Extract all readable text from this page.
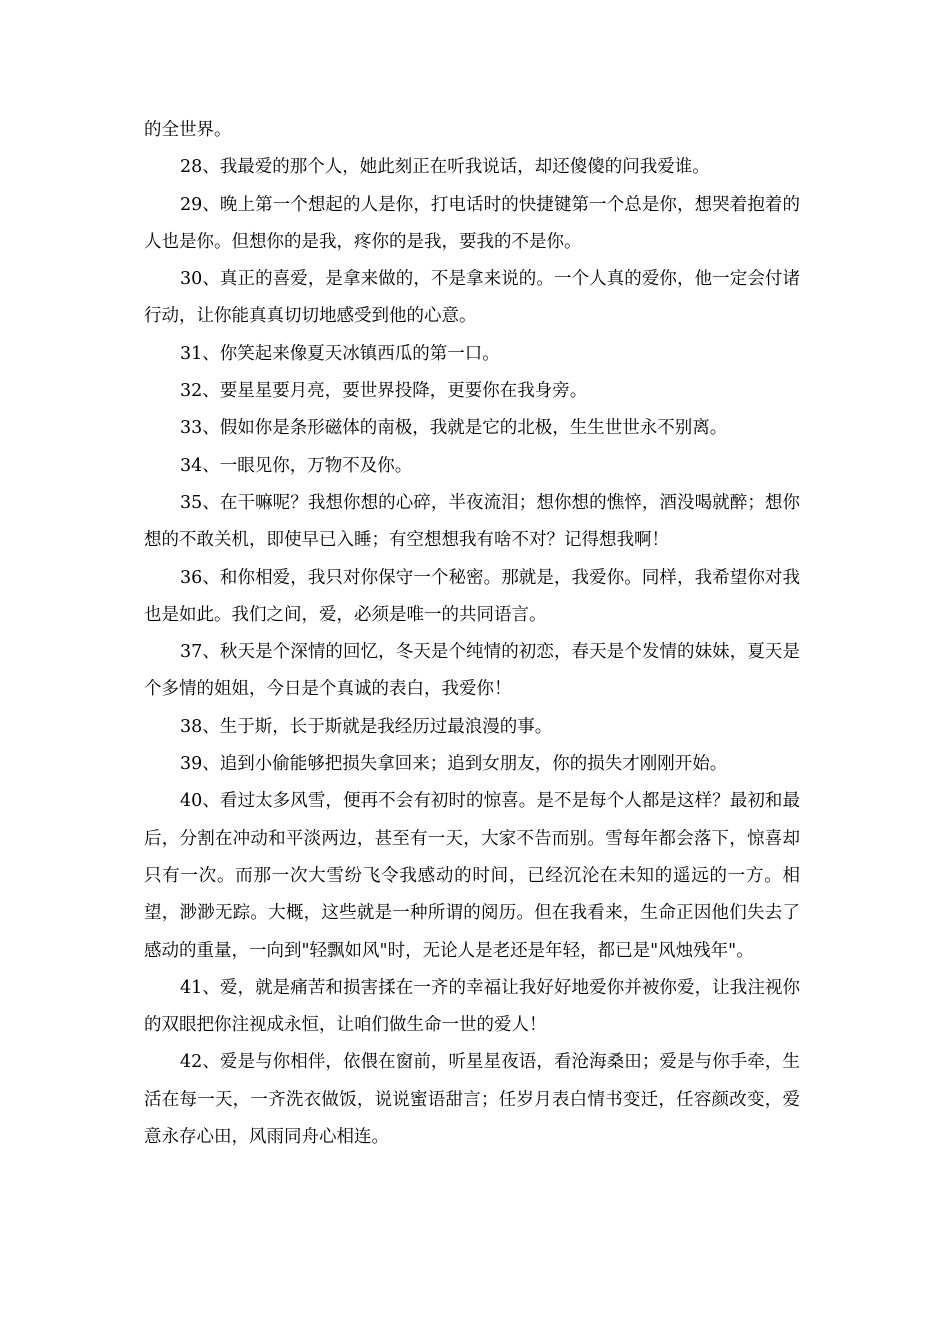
的全世界。

28、我最爱的那个人，她此刻正在听我说话，却还傻傻的问我爱谁。

29、晚上第一个想起的人是你，打电话时的快捷键第一个总是你，想哭着抱着的人也是你。但想你的是我，疼你的是我，要我的不是你。

30、真正的喜爱，是拿来做的，不是拿来说的。一个人真的爱你，他一定会付诸行动，让你能真真切切地感受到他的心意。

31、你笑起来像夏天冰镇西瓜的第一口。

32、要星星要月亮，要世界投降，更要你在我身旁。

33、假如你是条形磁体的南极，我就是它的北极，生生世世永不别离。

34、一眼见你，万物不及你。

35、在干嘛呢？我想你想的心碎，半夜流泪；想你想的憔悴，酒没喝就醉；想你想的不敢关机，即使早已入睡；有空想想我有啥不对？记得想我啊！

36、和你相爱，我只对你保守一个秘密。那就是，我爱你。同样，我希望你对我也是如此。我们之间，爱，必须是唯一的共同语言。

37、秋天是个深情的回忆，冬天是个纯情的初恋，春天是个发情的妹妹，夏天是个多情的姐姐，今日是个真诚的表白，我爱你！

38、生于斯，长于斯就是我经历过最浪漫的事。

39、追到小偷能够把损失拿回来；追到女朋友，你的损失才刚刚开始。

40、看过太多风雪，便再不会有初时的惊喜。是不是每个人都是这样？最初和最后，分割在冲动和平淡两边，甚至有一天，大家不告而别。雪每年都会落下，惊喜却只有一次。而那一次大雪纷飞令我感动的时间，已经沉沦在未知的遥远的一方。相望，渺渺无踪。大概，这些就是一种所谓的阅历。但在我看来，生命正因他们失去了感动的重量，一向到"轻飘如风"时，无论人是老还是年轻，都已是"风烛残年"。

41、爱，就是痛苦和损害揉在一齐的幸福让我好好地爱你并被你爱，让我注视你的双眼把你注视成永恒，让咱们做生命一世的爱人！

42、爱是与你相伴，依偎在窗前，听星星夜语，看沧海桑田；爱是与你手牵，生活在每一天，一齐洗衣做饭，说说蜜语甜言；任岁月表白情书变迁，任容颜改变，爱意永存心田，风雨同舟心相连。
